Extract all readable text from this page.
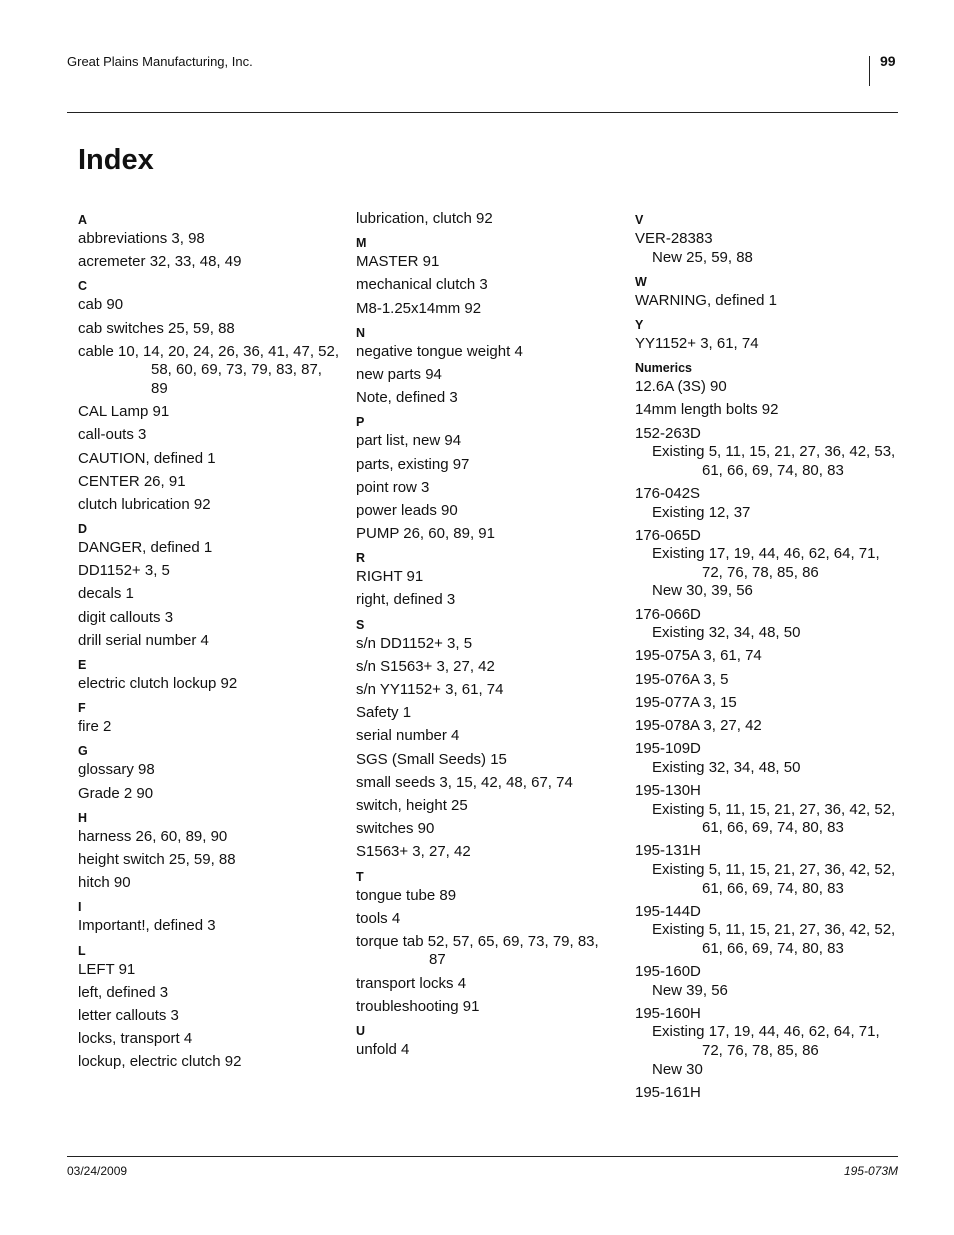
Great Plains Manufacturing, Inc.	99
Index
A
abbreviations 3, 98
acremeter 32, 33, 48, 49
C
cab 90
cab switches 25, 59, 88
cable 10, 14, 20, 24, 26, 36, 41, 47, 52, 58, 60, 69, 73, 79, 83, 87, 89
CAL Lamp 91
call-outs 3
CAUTION, defined 1
CENTER 26, 91
clutch lubrication 92
D
DANGER, defined 1
DD1152+ 3, 5
decals 1
digit callouts 3
drill serial number 4
E
electric clutch lockup 92
F
fire 2
G
glossary 98
Grade 2 90
H
harness 26, 60, 89, 90
height switch 25, 59, 88
hitch 90
I
Important!, defined 3
L
LEFT 91
left, defined 3
letter callouts 3
locks, transport 4
lockup, electric clutch 92
lubrication, clutch 92
M
MASTER 91
mechanical clutch 3
M8-1.25x14mm 92
N
negative tongue weight 4
new parts 94
Note, defined 3
P
part list, new 94
parts, existing 97
point row 3
power leads 90
PUMP 26, 60, 89, 91
R
RIGHT 91
right, defined 3
S
s/n DD1152+ 3, 5
s/n S1563+ 3, 27, 42
s/n YY1152+ 3, 61, 74
Safety 1
serial number 4
SGS (Small Seeds) 15
small seeds 3, 15, 42, 48, 67, 74
switch, height 25
switches 90
S1563+ 3, 27, 42
T
tongue tube 89
tools 4
torque tab 52, 57, 65, 69, 73, 79, 83, 87
transport locks 4
troubleshooting 91
U
unfold 4
V
VER-28383
New 25, 59, 88
W
WARNING, defined 1
Y
YY1152+ 3, 61, 74
Numerics
12.6A (3S) 90
14mm length bolts 92
152-263D
Existing 5, 11, 15, 21, 27, 36, 42, 53, 61, 66, 69, 74, 80, 83
176-042S
Existing 12, 37
176-065D
Existing 17, 19, 44, 46, 62, 64, 71, 72, 76, 78, 85, 86
New 30, 39, 56
176-066D
Existing 32, 34, 48, 50
195-075A 3, 61, 74
195-076A 3, 5
195-077A 3, 15
195-078A 3, 27, 42
195-109D
Existing 32, 34, 48, 50
195-130H
Existing 5, 11, 15, 21, 27, 36, 42, 52, 61, 66, 69, 74, 80, 83
195-131H
Existing 5, 11, 15, 21, 27, 36, 42, 52, 61, 66, 69, 74, 80, 83
195-144D
Existing 5, 11, 15, 21, 27, 36, 42, 52, 61, 66, 69, 74, 80, 83
195-160D
New 39, 56
195-160H
Existing 17, 19, 44, 46, 62, 64, 71, 72, 76, 78, 85, 86
New 30
195-161H
03/24/2009	195-073M
